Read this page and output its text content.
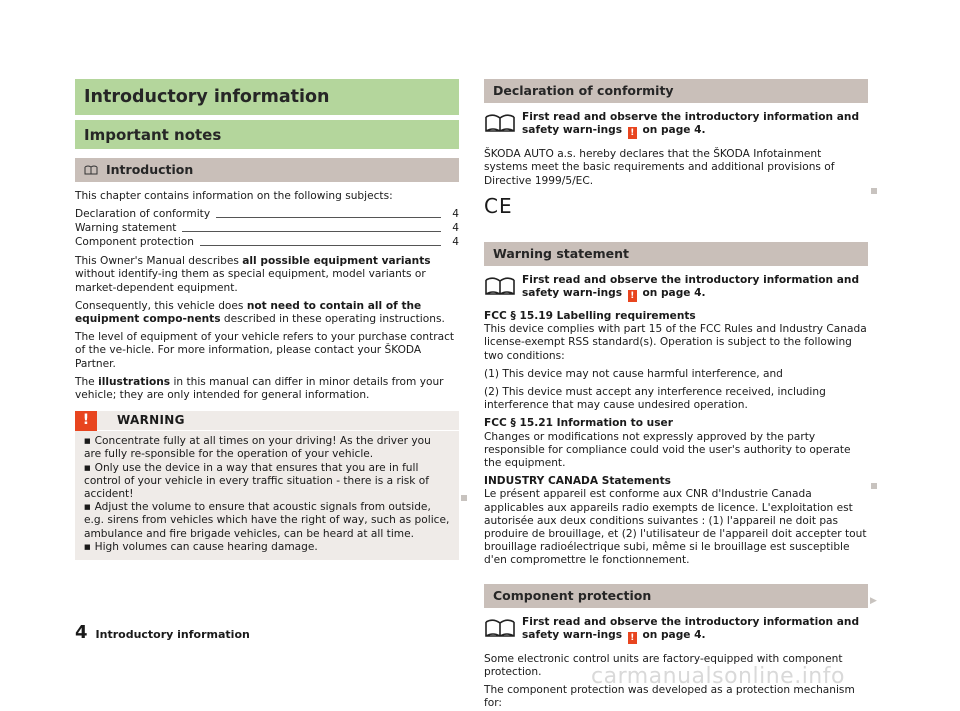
Introductory information
Important notes
Introduction

This chapter contains information on the following subjects:

Declaration of conformity	4
Warning statement	4
Component protection	4

This Owner's Manual describes all possible equipment variants without identify-ing them as special equipment, model variants or market-dependent equipment.

Consequently, this vehicle does not need to contain all of the equipment compo-nents described in these operating instructions.

The level of equipment of your vehicle refers to your purchase contract of the ve-hicle. For more information, please contact your ŠKODA Partner.

The illustrations in this manual can differ in minor details from your vehicle; they are only intended for general information.

!	WARNING
■ Concentrate fully at all times on your driving! As the driver you are fully re-sponsible for the operation of your vehicle.
■ Only use the device in a way that ensures that you are in full control of your vehicle in every traffic situation - there is a risk of accident!
■ Adjust the volume to ensure that acoustic signals from outside, e.g. sirens from vehicles which have the right of way, such as police, ambulance and fire brigade vehicles, can be heard at all time.
■ High volumes can cause hearing damage.
Declaration of conformity
First read and observe the introductory information and safety warn-ings ! on page 4.

ŠKODA AUTO a.s. hereby declares that the ŠKODA Infotainment systems meet the basic requirements and additional provisions of Directive 1999/5/EC.

CE
Warning statement
First read and observe the introductory information and safety warn-ings ! on page 4.

FCC § 15.19 Labelling requirements
This device complies with part 15 of the FCC Rules and Industry Canada license-exempt RSS standard(s). Operation is subject to the following two conditions:

(1) This device may not cause harmful interference, and

(2) This device must accept any interference received, including interference that may cause undesired operation.

FCC § 15.21 Information to user
Changes or modifications not expressly approved by the party responsible for compliance could void the user's authority to operate the equipment.

INDUSTRY CANADA Statements
Le présent appareil est conforme aux CNR d'Industrie Canada applicables aux appareils radio exempts de licence. L'exploitation est autorisée aux deux conditions suivantes : (1) l'appareil ne doit pas produire de brouillage, et (2) l'utilisateur de l'appareil doit accepter tout brouillage radioélectrique subi, même si le brouillage est susceptible d'en compromettre le fonctionnement.

Component protection
First read and observe the introductory information and safety warn-ings ! on page 4.

Some electronic control units are factory-equipped with component protection.

The component protection was developed as a protection mechanism for:

▶
4 Introductory information
carmanualsonline.info
